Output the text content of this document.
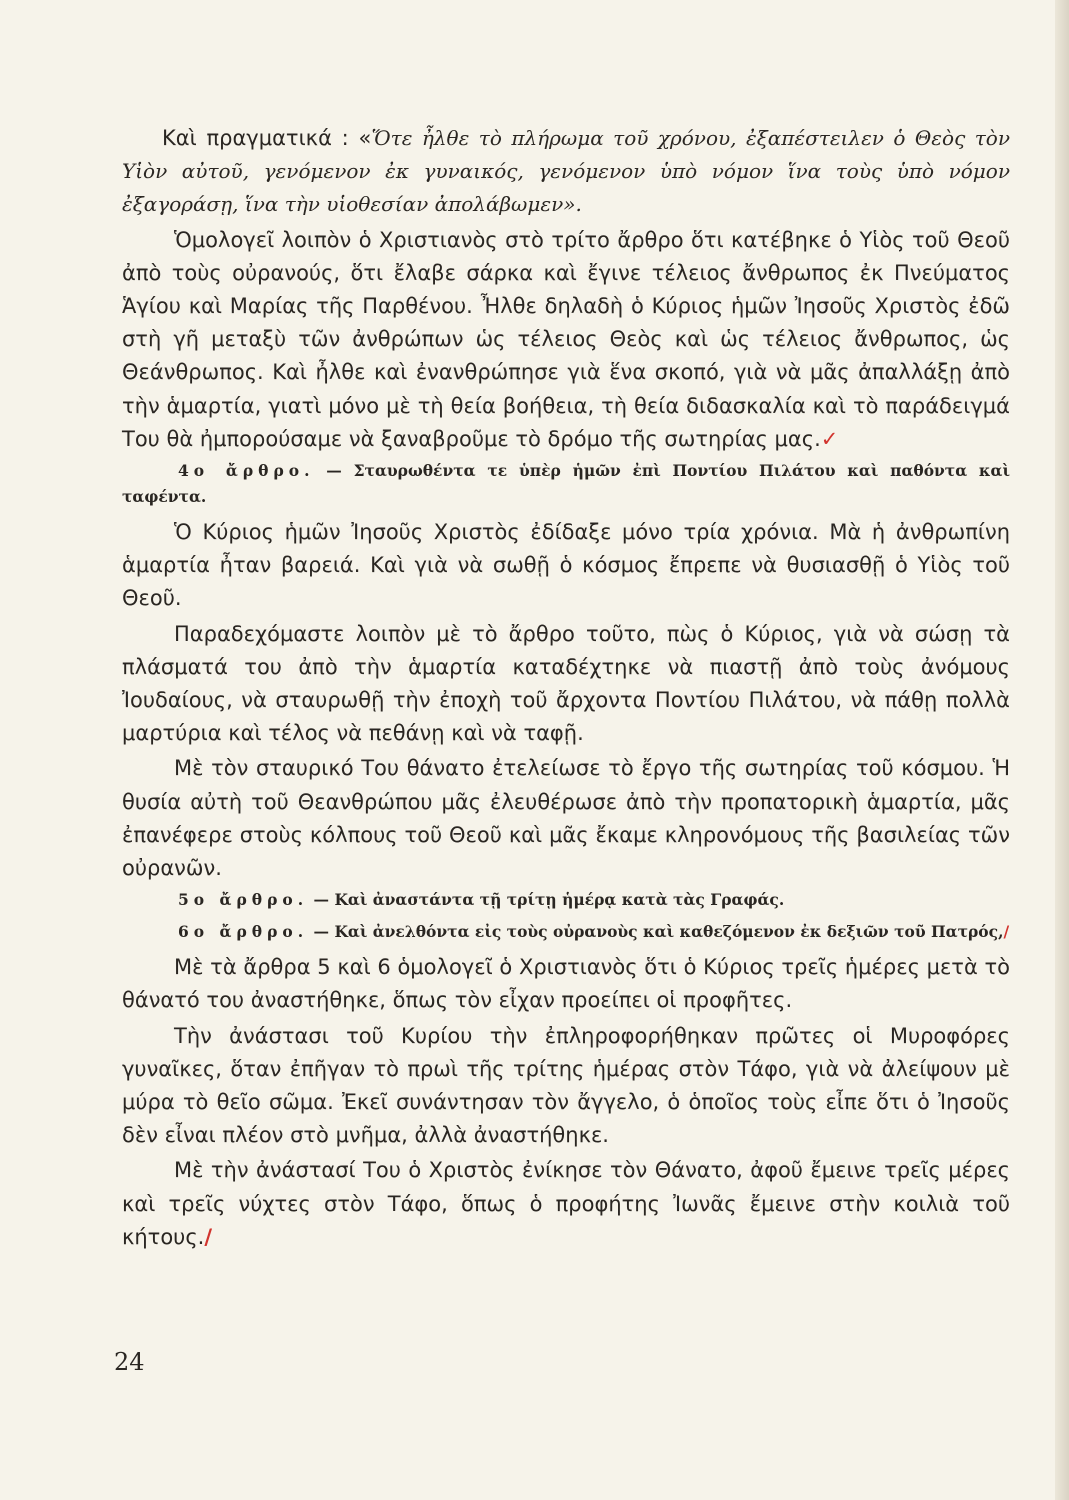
Καὶ πραγματικά : «Ὅτε ἦλθε τὸ πλήρωμα τοῦ χρόνου, ἐξαπέστειλεν ὁ Θεὸς τὸν Υἱὸν αὐτοῦ, γενόμενον ἐκ γυναικός, γενόμενον ὑπὸ νόμον ἵνα τοὺς ὑπὸ νόμον ἐξαγοράσῃ, ἵνα τὴν υἱοθεσίαν ἀπολάβωμεν».

Ὁμολογεῖ λοιπὸν ὁ Χριστιανὸς στὸ τρίτο ἄρθρο ὅτι κατέβηκε ὁ Υἱὸς τοῦ Θεοῦ ἀπὸ τοὺς οὐρανούς, ὅτι ἔλαβε σάρκα καὶ ἔγινε τέλειος ἄνθρωπος ἐκ Πνεύματος Ἁγίου καὶ Μαρίας τῆς Παρθένου. Ἦλθε δηλαδὴ ὁ Κύριος ἡμῶν Ἰησοῦς Χριστὸς ἐδῶ στὴ γῆ μεταξὺ τῶν ἀνθρώπων ὡς τέλειος Θεὸς καὶ ὡς τέλειος ἄνθρωπος, ὡς Θεάνθρωπος. Καὶ ἦλθε καὶ ἐνανθρώπησε γιὰ ἕνα σκοπό, γιὰ νὰ μᾶς ἀπαλλάξῃ ἀπὸ τὴν ἁμαρτία, γιατὶ μόνο μὲ τὴ θεία βοήθεια, τὴ θεία διδασκαλία καὶ τὸ παράδειγμά Του θὰ ἠμπορούσαμε νὰ ξαναβροῦμε τὸ δρόμο τῆς σωτηρίας μας.✓

4ο ἄρθρο. — Σταυρωθέντα τε ὑπὲρ ἡμῶν ἐπὶ Ποντίου Πιλάτου καὶ παθόντα καὶ ταφέντα.

Ὁ Κύριος ἡμῶν Ἰησοῦς Χριστὸς ἐδίδαξε μόνο τρία χρόνια. Μὰ ἡ ἀνθρωπίνη ἁμαρτία ἦταν βαρειά. Καὶ γιὰ νὰ σωθῇ ὁ κόσμος ἔπρεπε νὰ θυσιασθῇ ὁ Υἱὸς τοῦ Θεοῦ.

Παραδεχόμαστε λοιπὸν μὲ τὸ ἄρθρο τοῦτο, πὼς ὁ Κύριος, γιὰ νὰ σώσῃ τὰ πλάσματά του ἀπὸ τὴν ἁμαρτία καταδέχτηκε νὰ πιαστῇ ἀπὸ τοὺς ἀνόμους Ἰουδαίους, νὰ σταυρωθῇ τὴν ἐποχὴ τοῦ ἄρχοντα Ποντίου Πιλάτου, νὰ πάθῃ πολλὰ μαρτύρια καὶ τέλος νὰ πεθάνῃ καὶ νὰ ταφῇ.

Μὲ τὸν σταυρικό Του θάνατο ἐτελείωσε τὸ ἔργο τῆς σωτηρίας τοῦ κόσμου. Ἡ θυσία αὐτὴ τοῦ Θεανθρώπου μᾶς ἐλευθέρωσε ἀπὸ τὴν προπατορικὴ ἁμαρτία, μᾶς ἐπανέφερε στοὺς κόλπους τοῦ Θεοῦ καὶ μᾶς ἔκαμε κληρονόμους τῆς βασιλείας τῶν οὐρανῶν.

5ο ἄρθρο. — Καὶ ἀναστάντα τῇ τρίτῃ ἡμέρᾳ κατὰ τὰς Γραφάς.

6ο ἄρθρο. — Καὶ ἀνελθόντα εἰς τοὺς οὐρανοὺς καὶ καθεζόμενον ἐκ δεξιῶν τοῦ Πατρός,/

Μὲ τὰ ἄρθρα 5 καὶ 6 ὁμολογεῖ ὁ Χριστιανὸς ὅτι ὁ Κύριος τρεῖς ἡμέρες μετὰ τὸ θάνατό του ἀναστήθηκε, ὅπως τὸν εἶχαν προείπει οἱ προφῆτες.

Τὴν ἀνάστασι τοῦ Κυρίου τὴν ἐπληροφορήθηκαν πρῶτες οἱ Μυροφόρες γυναῖκες, ὅταν ἐπῆγαν τὸ πρωὶ τῆς τρίτης ἡμέρας στὸν Τάφο, γιὰ νὰ ἀλείψουν μὲ μύρα τὸ θεῖο σῶμα. Ἐκεῖ συνάντησαν τὸν ἄγγελο, ὁ ὁποῖος τοὺς εἶπε ὅτι ὁ Ἰησοῦς δὲν εἶναι πλέον στὸ μνῆμα, ἀλλὰ ἀναστήθηκε.

Μὲ τὴν ἀνάστασί Του ὁ Χριστὸς ἐνίκησε τὸν Θάνατο, ἀφοῦ ἔμεινε τρεῖς μέρες καὶ τρεῖς νύχτες στὸν Τάφο, ὅπως ὁ προφήτης Ἰωνᾶς ἔμεινε στὴν κοιλιὰ τοῦ κήτους./

24
